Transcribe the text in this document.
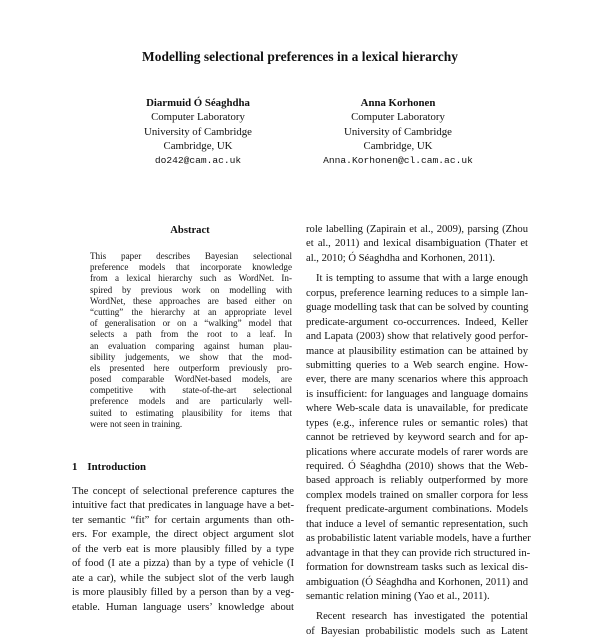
Modelling selectional preferences in a lexical hierarchy
Diarmuid Ó Séaghdha
Computer Laboratory
University of Cambridge
Cambridge, UK
do242@cam.ac.uk
Anna Korhonen
Computer Laboratory
University of Cambridge
Cambridge, UK
Anna.Korhonen@cl.cam.ac.uk
Abstract
This paper describes Bayesian selectional
preference models that incorporate knowledge
from a lexical hierarchy such as WordNet. In-
spired by previous work on modelling with
WordNet, these approaches are based either on
“cutting” the hierarchy at an appropriate level
of generalisation or on a “walking” model that
selects a path from the root to a leaf. In
an evaluation comparing against human plau-
sibility judgements, we show that the mod-
els presented here outperform previously pro-
posed comparable WordNet-based models, are
competitive with state-of-the-art selectional
preference models and are particularly well-
suited to estimating plausibility for items that
were not seen in training.
1 Introduction
The concept of selectional preference captures the
intuitive fact that predicates in language have a bet-
ter semantic “fit” for certain arguments than oth-
ers. For example, the direct object argument slot
of the verb eat is more plausibly filled by a type
of food (I ate a pizza) than by a type of vehicle (I
ate a car), while the subject slot of the verb laugh
is more plausibly filled by a person than by a veg-
etable. Human language users’ knowledge about
role labelling (Zapirain et al., 2009), parsing (Zhou
et al., 2011) and lexical disambiguation (Thater et
al., 2010; Ó Séaghdha and Korhonen, 2011).
It is tempting to assume that with a large enough
corpus, preference learning reduces to a simple lan-
guage modelling task that can be solved by counting
predicate-argument co-occurrences. Indeed, Keller
and Lapata (2003) show that relatively good perfor-
mance at plausibility estimation can be attained by
submitting queries to a Web search engine. How-
ever, there are many scenarios where this approach
is insufficient: for languages and language domains
where Web-scale data is unavailable, for predicate
types (e.g., inference rules or semantic roles) that
cannot be retrieved by keyword search and for ap-
plications where accurate models of rarer words are
required. Ó Séaghdha (2010) shows that the Web-
based approach is reliably outperformed by more
complex models trained on smaller corpora for less
frequent predicate-argument combinations. Models
that induce a level of semantic representation, such
as probabilistic latent variable models, have a further
advantage in that they can provide rich structured in-
formation for downstream tasks such as lexical dis-
ambiguation (Ó Séaghdha and Korhonen, 2011) and
semantic relation mining (Yao et al., 2011).
Recent research has investigated the potential
of Bayesian probabilistic models such as Latent
